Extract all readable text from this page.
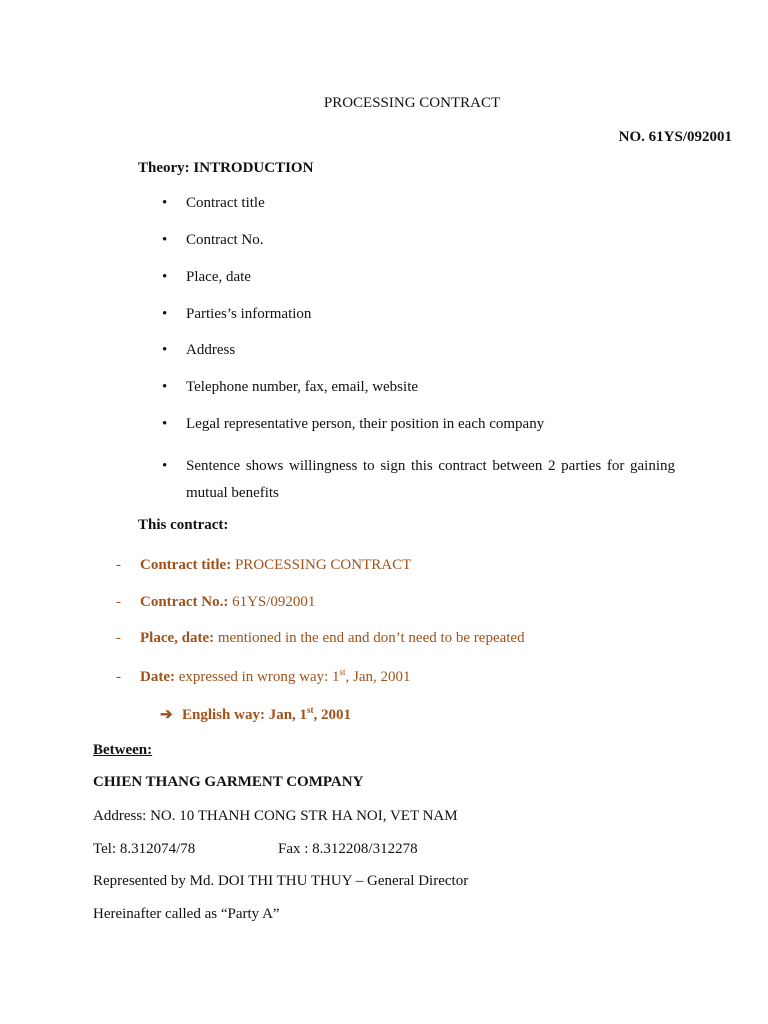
PROCESSING CONTRACT
NO. 61YS/092001
Theory: INTRODUCTION
• Contract title
• Contract No.
• Place, date
• Parties’s information
• Address
• Telephone number, fax, email, website
• Legal representative person, their position in each company
•	Sentence shows willingness to sign this contract between 2 parties for gaining mutual benefits
This contract:
- Contract title: PROCESSING CONTRACT
- Contract No.: 61YS/092001
- Place, date: mentioned in the end and don’t need to be repeated
- Date: expressed in wrong way: 1st, Jan, 2001
➔ English way: Jan, 1st, 2001
Between:
CHIEN THANG GARMENT COMPANY
Address: NO. 10 THANH CONG STR HA NOI, VET NAM
Tel: 8.312074/78	Fax : 8.312208/312278
Represented by Md. DOI THI THU THUY – General Director
Hereinafter called as “Party A”
